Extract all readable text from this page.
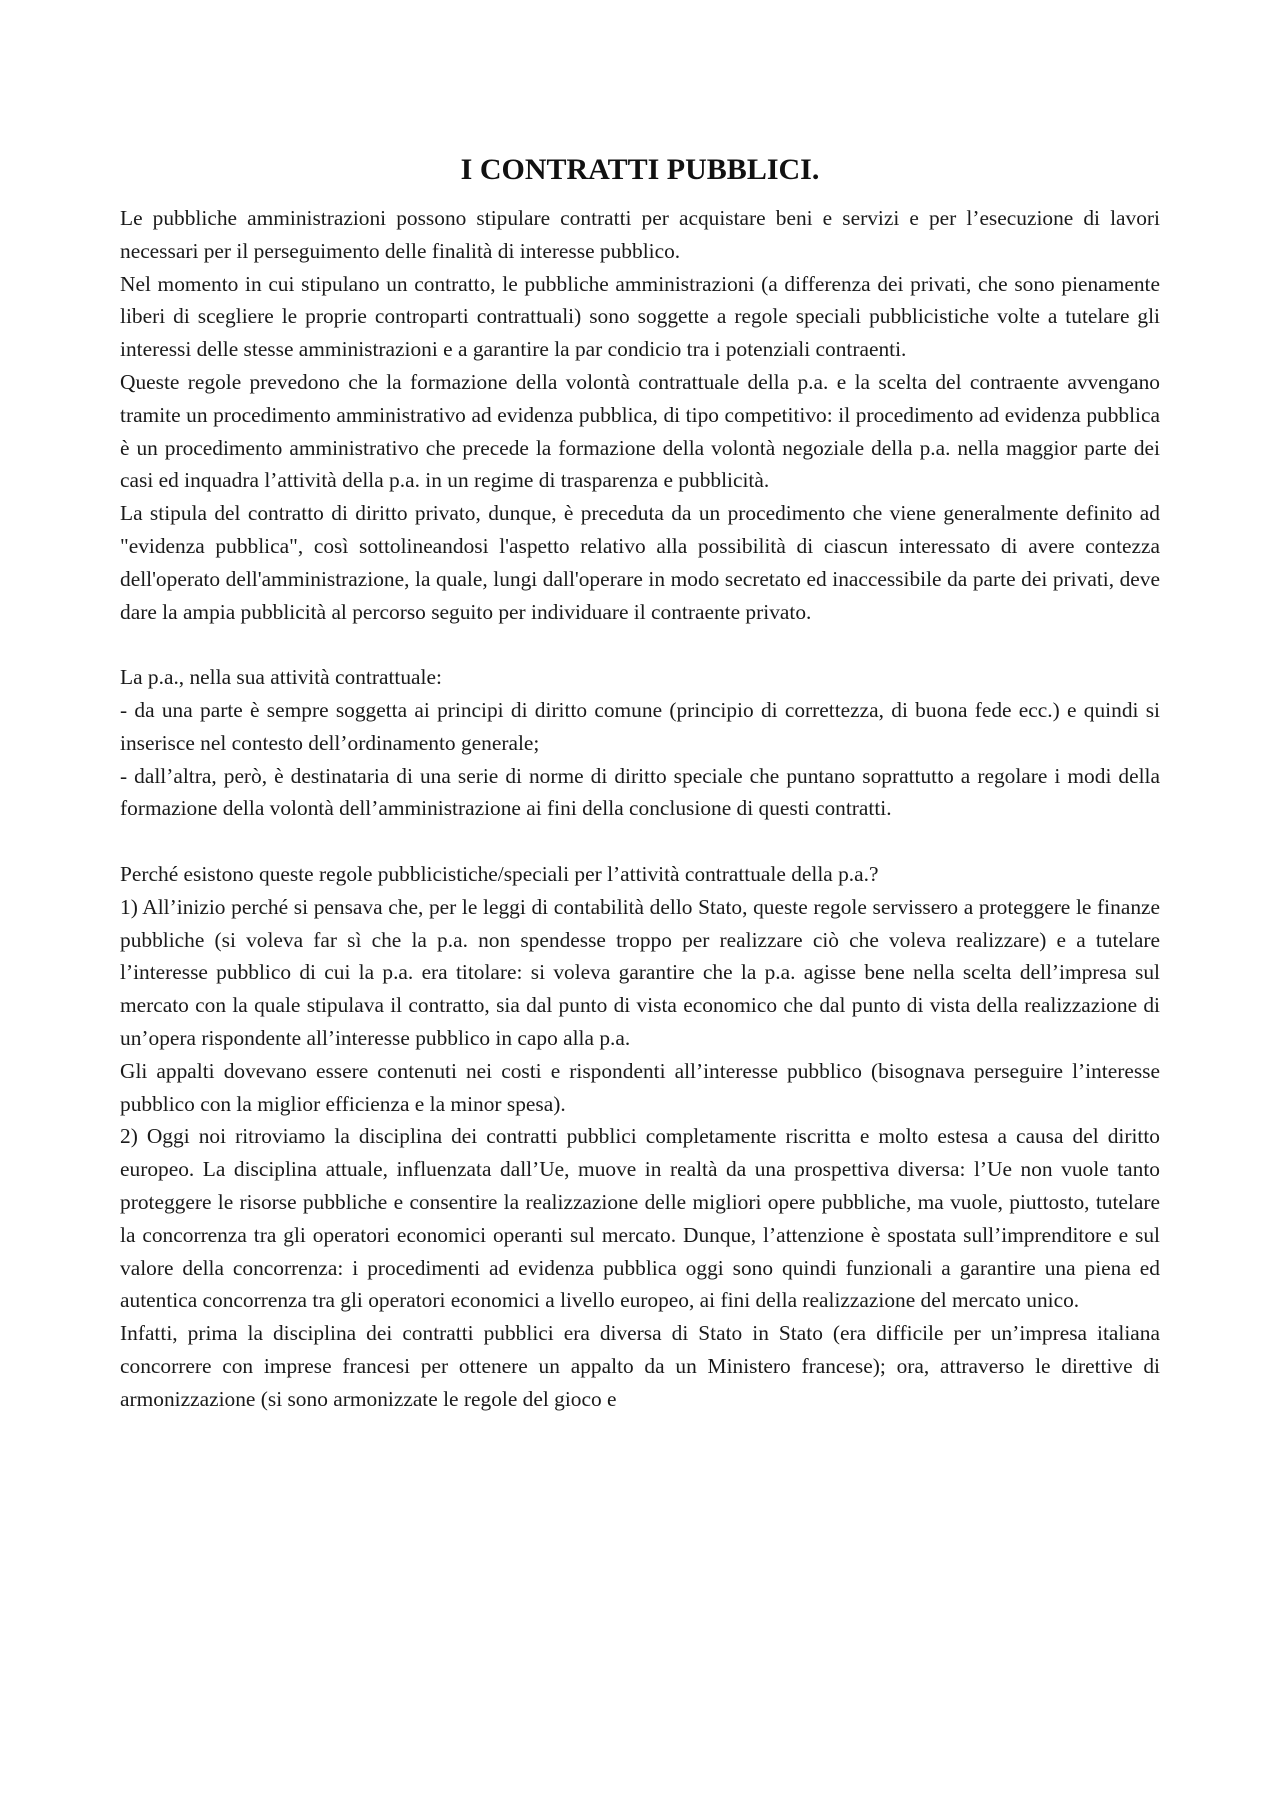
I CONTRATTI PUBBLICI.

Le pubbliche amministrazioni possono stipulare contratti per acquistare beni e servizi e per l’esecuzione di lavori necessari per il perseguimento delle finalità di interesse pubblico.

Nel momento in cui stipulano un contratto, le pubbliche amministrazioni (a differenza dei privati, che sono pienamente liberi di scegliere le proprie controparti contrattuali) sono soggette a regole speciali pubblicistiche volte a tutelare gli interessi delle stesse amministrazioni e a garantire la par condicio tra i potenziali contraenti.

Queste regole prevedono che la formazione della volontà contrattuale della p.a. e la scelta del contraente avvengano tramite un procedimento amministrativo ad evidenza pubblica, di tipo competitivo: il procedimento ad evidenza pubblica è un procedimento amministrativo che precede la formazione della volontà negoziale della p.a. nella maggior parte dei casi ed inquadra l’attività della p.a. in un regime di trasparenza e pubblicità.

La stipula del contratto di diritto privato, dunque, è preceduta da un procedimento che viene generalmente definito ad "evidenza pubblica", così sottolineandosi l'aspetto relativo alla possibilità di ciascun interessato di avere contezza dell'operato dell'amministrazione, la quale, lungi dall'operare in modo secretato ed inaccessibile da parte dei privati, deve dare la ampia pubblicità al percorso seguito per individuare il contraente privato.

La p.a., nella sua attività contrattuale:

- da una parte è sempre soggetta ai principi di diritto comune (principio di correttezza, di buona fede ecc.) e quindi si inserisce nel contesto dell’ordinamento generale;

- dall’altra, però, è destinataria di una serie di norme di diritto speciale che puntano soprattutto a regolare i modi della formazione della volontà dell’amministrazione ai fini della conclusione di questi contratti.

Perché esistono queste regole pubblicistiche/speciali per l’attività contrattuale della p.a.?

1) All’inizio perché si pensava che, per le leggi di contabilità dello Stato, queste regole servissero a proteggere le finanze pubbliche (si voleva far sì che la p.a. non spendesse troppo per realizzare ciò che voleva realizzare) e a tutelare l’interesse pubblico di cui la p.a. era titolare: si voleva garantire che la p.a. agisse bene nella scelta dell’impresa sul mercato con la quale stipulava il contratto, sia dal punto di vista economico che dal punto di vista della realizzazione di un’opera rispondente all’interesse pubblico in capo alla p.a.

Gli appalti dovevano essere contenuti nei costi e rispondenti all’interesse pubblico (bisognava perseguire l’interesse pubblico con la miglior efficienza e la minor spesa).

2) Oggi noi ritroviamo la disciplina dei contratti pubblici completamente riscritta e molto estesa a causa del diritto europeo. La disciplina attuale, influenzata dall’Ue, muove in realtà da una prospettiva diversa: l’Ue non vuole tanto proteggere le risorse pubbliche e consentire la realizzazione delle migliori opere pubbliche, ma vuole, piuttosto, tutelare la concorrenza tra gli operatori economici operanti sul mercato. Dunque, l’attenzione è spostata sull’imprenditore e sul valore della concorrenza: i procedimenti ad evidenza pubblica oggi sono quindi funzionali a garantire una piena ed autentica concorrenza tra gli operatori economici a livello europeo, ai fini della realizzazione del mercato unico.

Infatti, prima la disciplina dei contratti pubblici era diversa di Stato in Stato (era difficile per un’impresa italiana concorrere con imprese francesi per ottenere un appalto da un Ministero francese); ora, attraverso le direttive di armonizzazione (si sono armonizzate le regole del gioco e
